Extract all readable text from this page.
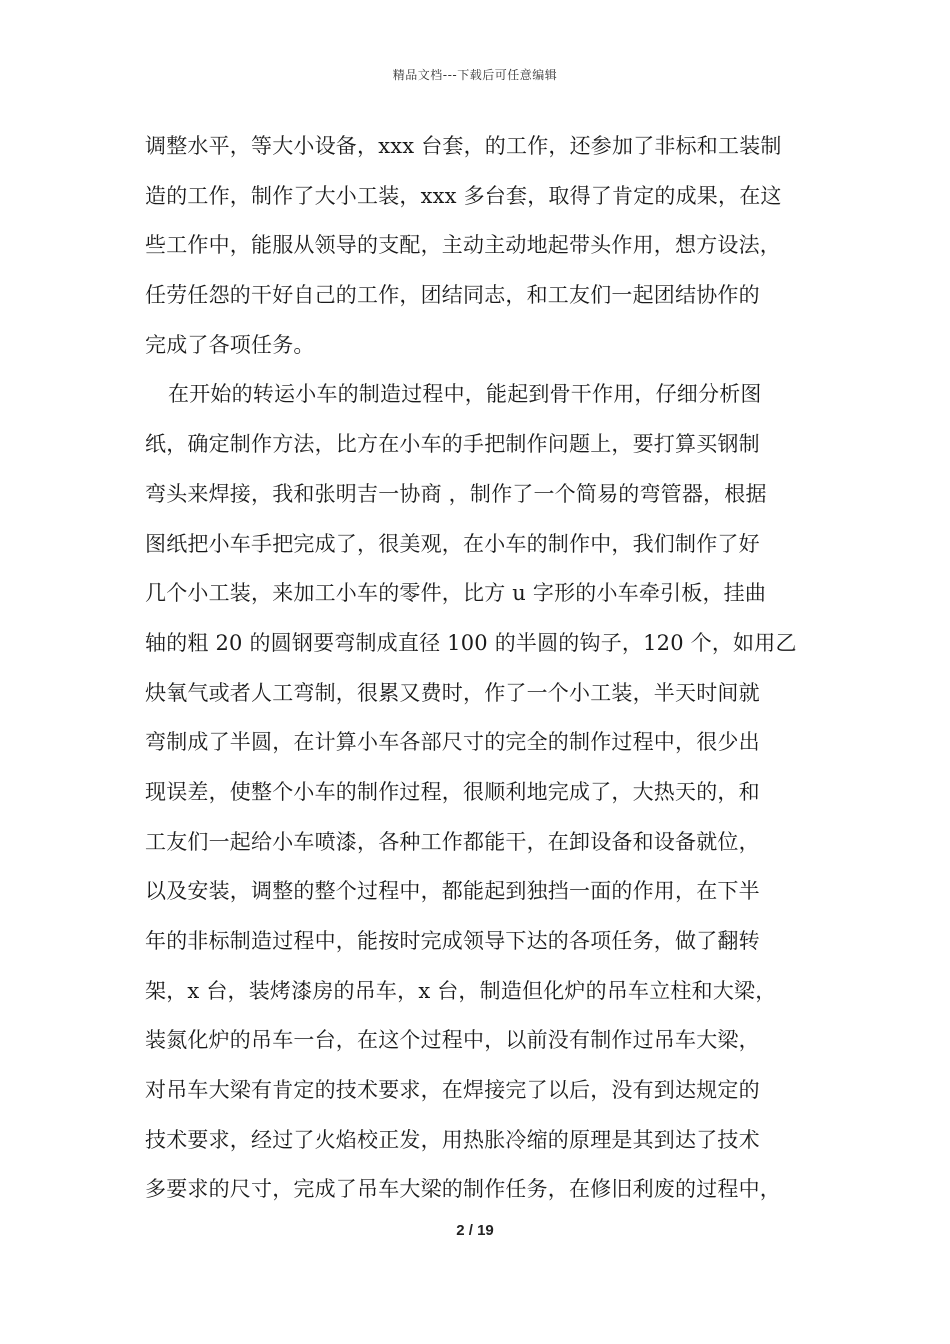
精品文档---下载后可任意编辑
调整水平，等大小设备，xxx 台套，的工作，还参加了非标和工装制
造的工作，制作了大小工装，xxx 多台套，取得了肯定的成果，在这
些工作中，能服从领导的支配，主动主动地起带头作用，想方设法，
任劳任怨的干好自己的工作，团结同志，和工友们一起团结协作的
完成了各项任务。
在开始的转运小车的制造过程中，能起到骨干作用，仔细分析图
纸，确定制作方法，比方在小车的手把制作问题上，要打算买钢制
弯头来焊接，我和张明吉一协商 ，制作了一个简易的弯管器，根据
图纸把小车手把完成了，很美观，在小车的制作中，我们制作了好
几个小工装，来加工小车的零件，比方 u 字形的小车牵引板，挂曲
轴的粗 20 的圆钢要弯制成直径 100 的半圆的钩子，120 个，如用乙
炔氧气或者人工弯制，很累又费时，作了一个小工装，半天时间就
弯制成了半圆，在计算小车各部尺寸的完全的制作过程中，很少出
现误差，使整个小车的制作过程，很顺利地完成了，大热天的，和
工友们一起给小车喷漆，各种工作都能干，在卸设备和设备就位，
以及安装，调整的整个过程中，都能起到独挡一面的作用，在下半
年的非标制造过程中，能按时完成领导下达的各项任务，做了翻转
架，x 台，装烤漆房的吊车，x 台，制造但化炉的吊车立柱和大梁，
装氮化炉的吊车一台，在这个过程中，以前没有制作过吊车大梁，
对吊车大梁有肯定的技术要求，在焊接完了以后，没有到达规定的
技术要求，经过了火焰校正发，用热胀冷缩的原理是其到达了技术
多要求的尺寸，完成了吊车大梁的制作任务，在修旧利废的过程中，
2 / 19
